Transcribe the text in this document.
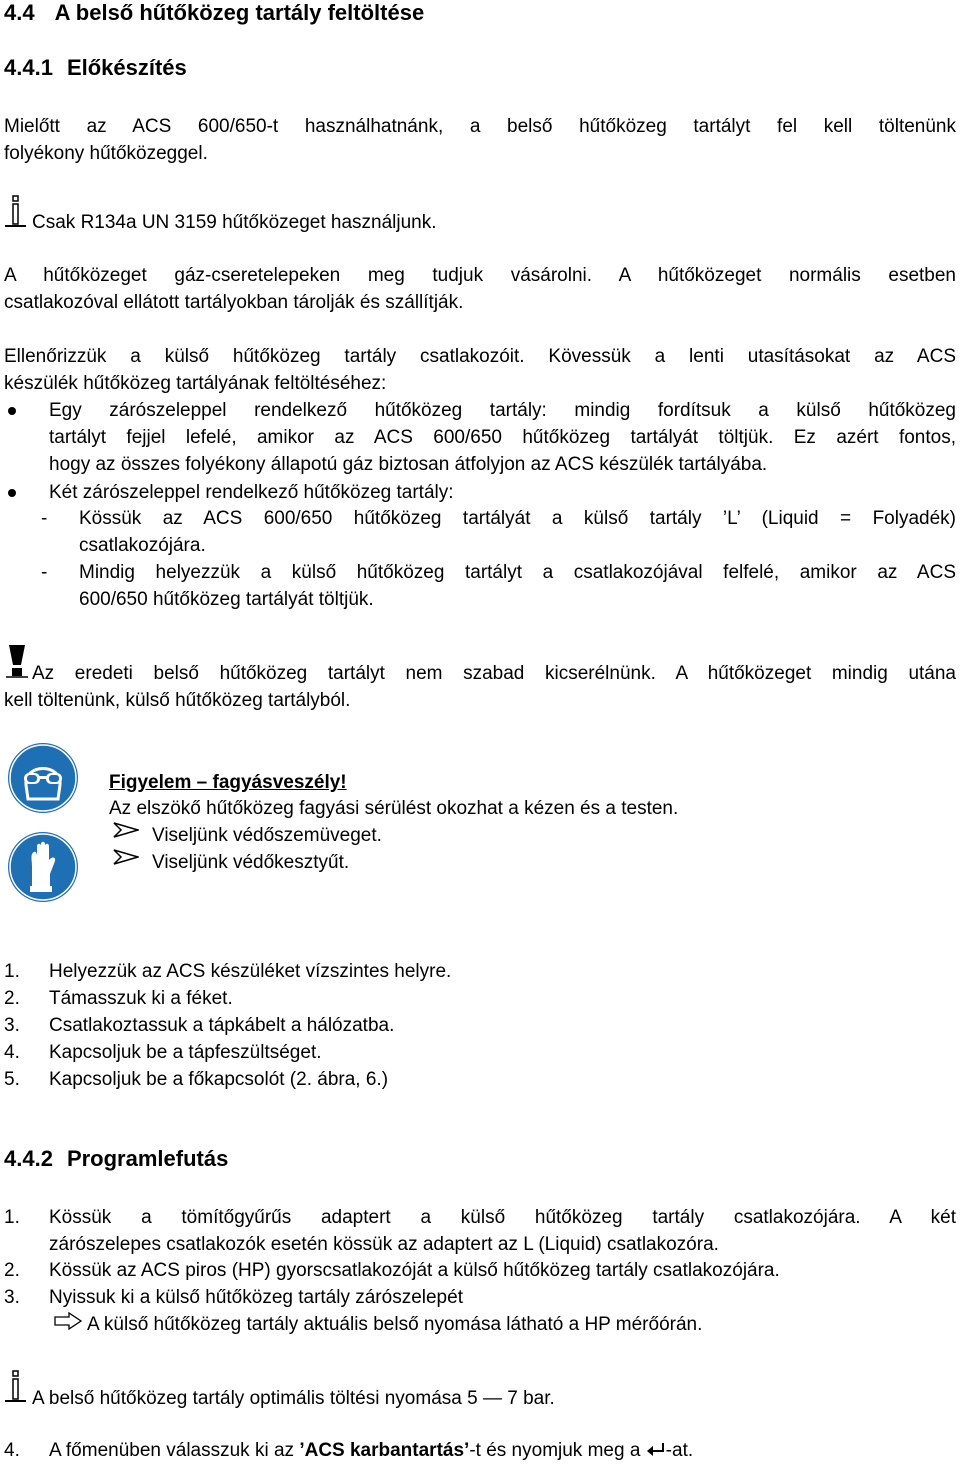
4.4 A belső hűtőközeg tartály feltöltése
4.4.1 Előkészítés
Mielőtt az ACS 600/650-t használhatnánk, a belső hűtőközeg tartályt fel kell töltenünk
folyékony hűtőközeggel.
Csak R134a UN 3159 hűtőközeget használjunk.
A hűtőközeget gáz-cseretelepeken meg tudjuk vásárolni. A hűtőközeget normális esetben
csatlakozóval ellátott tartályokban tárolják és szállítják.
Ellenőrizzük a külső hűtőközeg tartály csatlakozóit. Kövessük a lenti utasításokat az ACS
készülék hűtőközeg tartályának feltöltéséhez:
Egy zárószeleppel rendelkező hűtőközeg tartály: mindig fordítsuk a külső hűtőközeg
tartályt fejjel lefelé, amikor az ACS 600/650 hűtőközeg tartályát töltjük. Ez azért fontos,
hogy az összes folyékony állapotú gáz biztosan átfolyjon az ACS készülék tartályába.
Két zárószeleppel rendelkező hűtőközeg tartály:
- Kössük az ACS 600/650 hűtőközeg tartályát a külső tartály ’L’ (Liquid = Folyadék)
csatlakozójára.
- Mindig helyezzük a külső hűtőközeg tartályt a csatlakozójával felfelé, amikor az ACS
600/650 hűtőközeg tartályát töltjük.
Az eredeti belső hűtőközeg tartályt nem szabad kicserélnünk. A hűtőközeget mindig utána
kell töltenünk, külső hűtőközeg tartályból.
Figyelem – fagyásveszély!
Az elszökő hűtőközeg fagyási sérülést okozhat a kézen és a testen.
Viseljünk védőszemüveget.
Viseljünk védőkesztyűt.
1. Helyezzük az ACS készüléket vízszintes helyre.
2. Támasszuk ki a féket.
3. Csatlakoztassuk a tápkábelt a hálózatba.
4. Kapcsoljuk be a tápfeszültséget.
5. Kapcsoljuk be a főkapcsolót (2. ábra, 6.)
4.4.2 Programlefutás
1. Kössük a tömítőgyűrűs adaptert a külső hűtőközeg tartály csatlakozójára. A két
zárószelepes csatlakozók esetén kössük az adaptert az L (Liquid) csatlakozóra.
2. Kössük az ACS piros (HP) gyorscsatlakozóját a külső hűtőközeg tartály csatlakozójára.
3. Nyissuk ki a külső hűtőközeg tartály zárószelepét
A külső hűtőközeg tartály aktuális belső nyomása látható a HP mérőórán.
A belső hűtőközeg tartály optimális töltési nyomása 5 — 7 bar.
4. A főmenüben válasszuk ki az ’ACS karbantartás’-t és nyomjuk meg a
-at.
